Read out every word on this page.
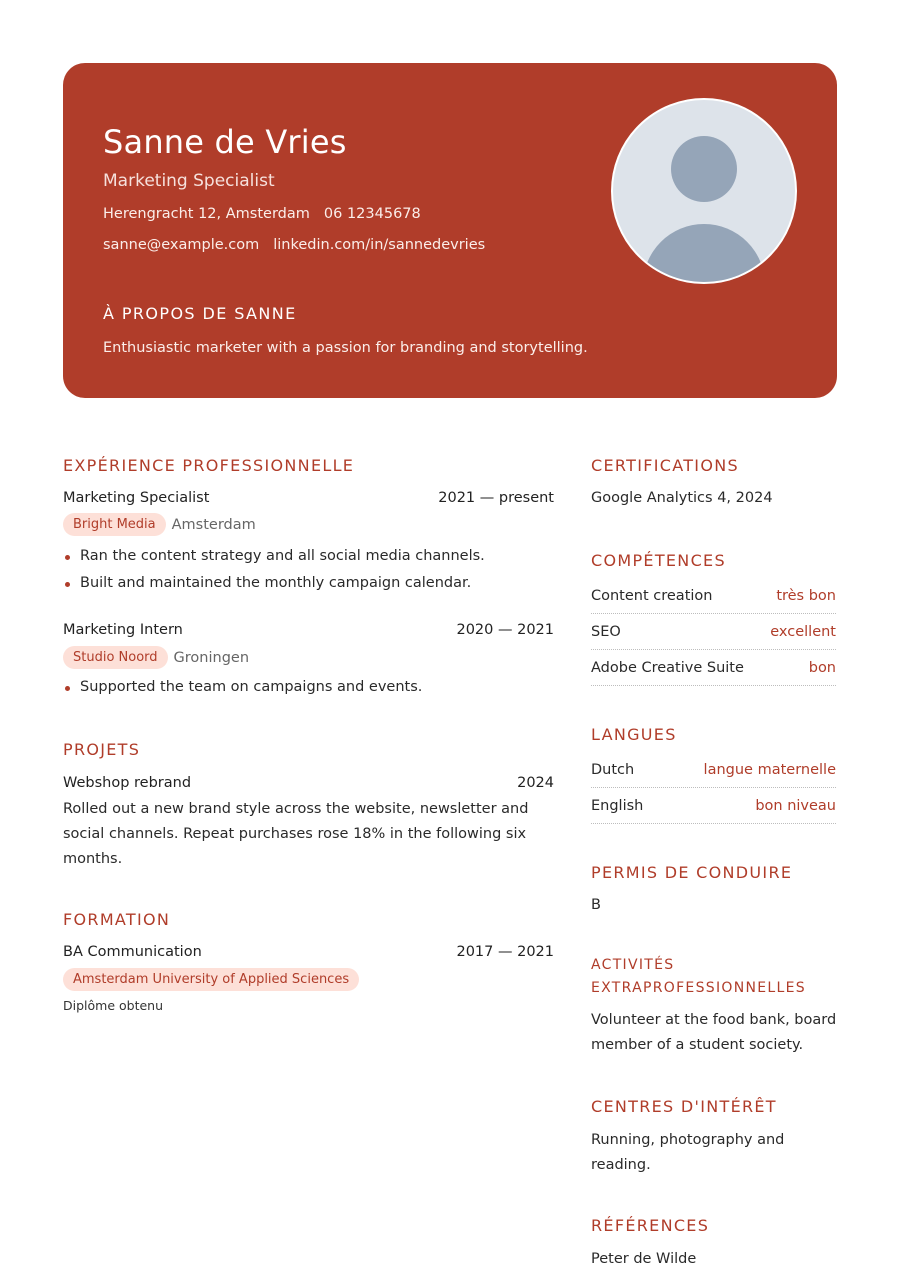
Sanne de Vries
Marketing Specialist
Herengracht 12, Amsterdam 06 12345678
sanne@example.com linkedin.com/in/sannedevries
À PROPOS DE SANNE
Enthusiastic marketer with a passion for branding and storytelling.
EXPÉRIENCE PROFESSIONNELLE
Marketing Specialist	2021 — present
Bright Media	Amsterdam
Ran the content strategy and all social media channels.
Built and maintained the monthly campaign calendar.
Marketing Intern	2020 — 2021
Studio Noord	Groningen
Supported the team on campaigns and events.
PROJETS
Webshop rebrand	2024
Rolled out a new brand style across the website, newsletter and social channels. Repeat purchases rose 18% in the following six months.
FORMATION
BA Communication	2017 — 2021
Amsterdam University of Applied Sciences
Diplôme obtenu
CERTIFICATIONS
Google Analytics 4, 2024
COMPÉTENCES
Content creation	très bon
SEO	excellent
Adobe Creative Suite	bon
LANGUES
Dutch	langue maternelle
English	bon niveau
PERMIS DE CONDUIRE
B
ACTIVITÉS
EXTRAPROFESSIONNELLES
Volunteer at the food bank, board
member of a student society.
CENTRES D'INTÉRÊT
Running, photography and
reading.
RÉFÉRENCES
Peter de Wilde
